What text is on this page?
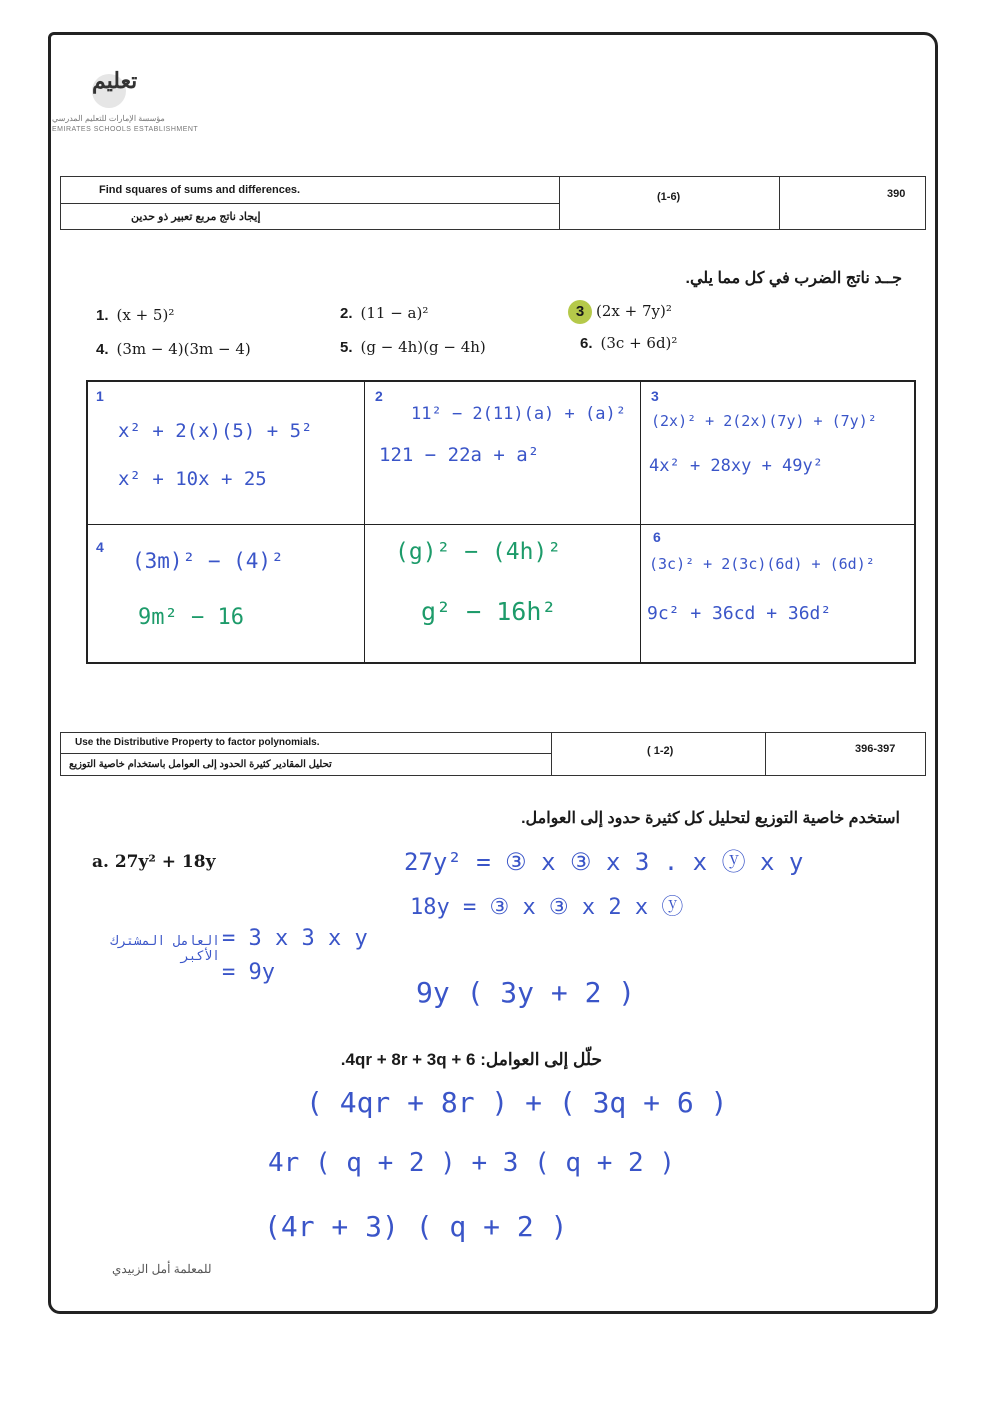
تعليم
مؤسسة الإمارات للتعليم المدرسي
EMIRATES SCHOOLS ESTABLISHMENT
Find squares of sums and differences.
إيجاد ناتج مربع تعبير ذو حدين
(1-6)	390
جــد ناتج الضرب في كل مما يلي.
1. (x + 5)²	2. (11 − a)²	3 (2x + 7y)²
4. (3m − 4)(3m − 4)	5. (g − 4h)(g − 4h)	6. (3c + 6d)²
1
x² + 2(x)(5) + 5²
x² + 10x + 25
2
11² − 2(11)(a) + (a)²
121 − 22a + a²
3
(2x)² + 2(2x)(7y) + (7y)²
4x² + 28xy + 49y²
4
(3m)² − (4)²
9m² − 16
(g)² − (4h)²
g² − 16h²
6
(3c)² + 2(3c)(6d) + (6d)²
9c² + 36cd + 36d²
Use the Distributive Property to factor polynomials.
تحليل المقادير كثيرة الحدود إلى العوامل باستخدام خاصية التوزيع
( 1-2)	396-397
استخدم خاصية التوزيع لتحليل كل كثيرة حدود إلى العوامل.
a. 27y² + 18y	27y² = ③ x ③ x 3 . x ⓨ x y
18y = ③ x ③ x 2 x ⓨ
العامل المشترك الأكبر
= 3 x 3 x y
= 9y
9y ( 3y + 2 )
حلّل إلى العوامل: 4qr + 8r + 3q + 6.
( 4qr + 8r ) + ( 3q + 6 )
4r ( q + 2 ) + 3 ( q + 2 )
(4r + 3) ( q + 2 )
للمعلمة أمل الزبيدي
